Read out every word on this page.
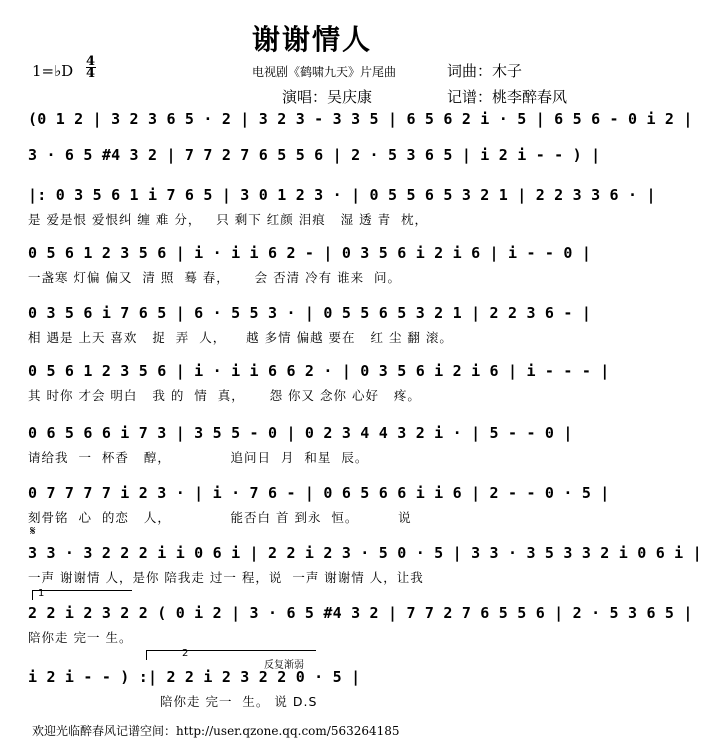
谢谢情人
1=♭D
4
4	电视剧《鹤啸九天》片尾曲	词曲：木子
演唱：吴庆康	记谱：桃李醉春风
(0 1 2 | 3 2 3 6 5 · 2 | 3 2 3 - 3 3 5 | 6 5 6 2 i · 5 | 6 5 6 - 0 i 2 |
3 · 6 5 #4 3 2 | 7 7 2 7 6 5 5 6 | 2 · 5 3 6 5 | i 2 i - - ) |
|: 0 3 5 6 1 i 7 6 5 | 3 0 1 2 3 · | 0 5 5 6 5 3 2 1 | 2 2 3 3 6 · |
是 爱是恨 爱恨纠 缠 难 分，   只 剩下 红颜 泪痕   湿 透 青  枕，
0 5 6 1 2 3 5 6 | i · i i 6 2 - | 0 3 5 6 i 2 i 6 | i - - 0 |
一盏寒 灯偏 偏又  清 照  蓦 春，     会 否清 冷有 谁来  问。
0 3 5 6 i 7 6 5 | 6 · 5 5 3 · | 0 5 5 6 5 3 2 1 | 2 2 3 6 - |
相 遇是 上天 喜欢   捉  弄  人，    越 多情 偏越 要在   红 尘 翻 滚。
0 5 6 1 2 3 5 6 | i · i i 6 6 2 · | 0 3 5 6 i 2 i 6 | i - - - |
其 时你 才会 明白   我 的  情  真，     怨 你又 念你 心好   疼。
0 6 5 6 6 i 7 3 | 3 5 5 - 0 | 0 2 3 4 4 3 2 i · | 5 - - 0 |
请给我  一  杯香   醇，            追问日  月  和星  辰。
0 7 7 7 7 i 2 3 · | i · 7 6 - | 0 6 5 6 6 i i 6 | 2 - - 0 · 5 |
刻骨铭  心  的恋   人，            能否白 首 到永  恒。        说
𝄋
3 3 · 3 2 2 2 i i 0 6 i | 2 2 i 2 3 · 5 0 · 5 | 3 3 · 3 5 3 3 2 i 0 6 i |
一声 谢谢情 人，是你 陪我走 过一 程，说  一声 谢谢情 人，让我
1
2 2 i 2 3 2 2 ( 0 i 2 | 3 · 6 5 #4 3 2 | 7 7 2 7 6 5 5 6 | 2 · 5 3 6 5 |
陪你走 完一 生。
2
反复渐弱
i 2 i - - ) :| 2 2 i 2 3 2 2 0 · 5 |
陪你走 完一  生。 说 D.S
欢迎光临醉春风记谱空间：http://user.qzone.qq.com/563264185
